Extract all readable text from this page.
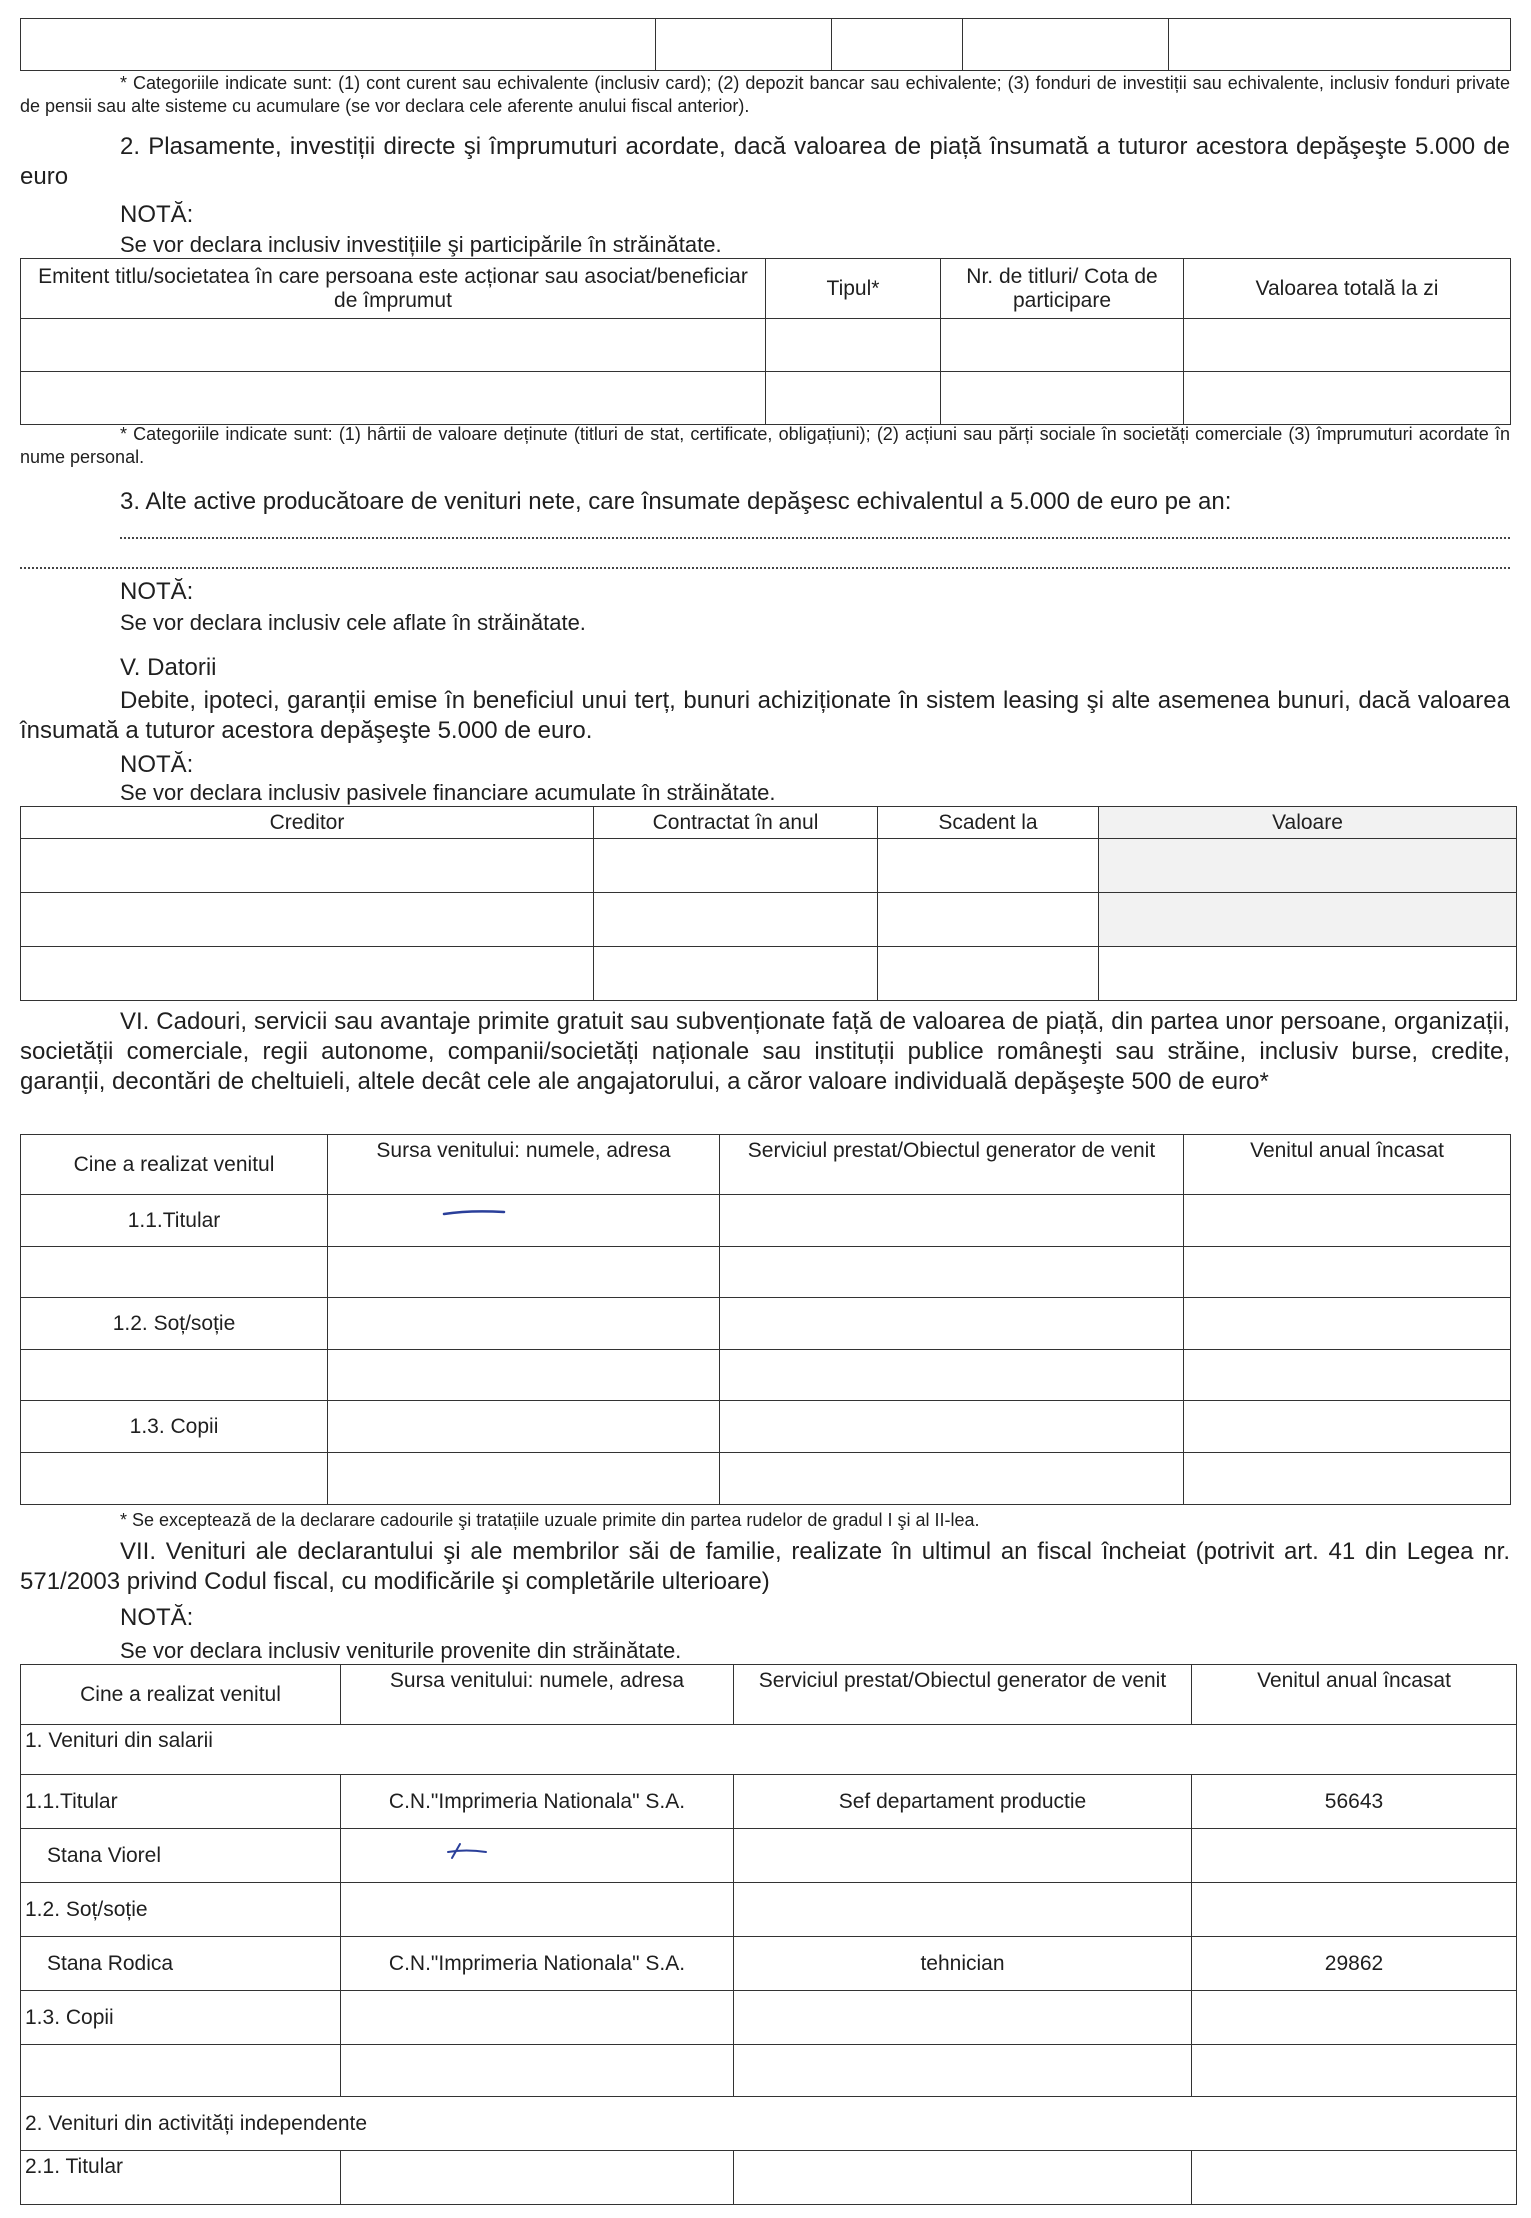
* Categoriile indicate sunt: (1) cont curent sau echivalente (inclusiv card); (2) depozit bancar sau echivalente; (3) fonduri de investiții sau echivalente, inclusiv fonduri private de pensii sau alte sisteme cu acumulare (se vor declara cele aferente anului fiscal anterior).
2. Plasamente, investiții directe şi împrumuturi acordate, dacă valoarea de piață însumată a tuturor acestora depăşeşte 5.000 de euro
NOTĂ:
Se vor declara inclusiv investițiile şi participările în străinătate.
Emitent titlu/societatea în care persoana este acționar sau asociat/beneficiar de împrumut	Tipul*	Nr. de titluri/ Cota de participare	Valoarea totală la zi

* Categoriile indicate sunt: (1) hârtii de valoare deținute (titluri de stat, certificate, obligațiuni); (2) acțiuni sau părți sociale în societăți comerciale (3) împrumuturi acordate în nume personal.
3. Alte active producătoare de venituri nete, care însumate depăşesc echivalentul a 5.000 de euro pe an:
NOTĂ:
Se vor declara inclusiv cele aflate în străinătate.
V. Datorii
Debite, ipoteci, garanții emise în beneficiul unui terț, bunuri achiziționate în sistem leasing şi alte asemenea bunuri, dacă valoarea însumată a tuturor acestora depăşeşte 5.000 de euro.
NOTĂ:
Se vor declara inclusiv pasivele financiare acumulate în străinătate.
Creditor	Contractat în anul	Scadent la	Valoare

VI. Cadouri, servicii sau avantaje primite gratuit sau subvenționate față de valoarea de piață, din partea unor persoane, organizații, societății comerciale, regii autonome, companii/societăți naționale sau instituții publice româneşti sau străine, inclusiv burse, credite, garanții, decontări de cheltuieli, altele decât cele ale angajatorului, a căror valoare individuală depăşeşte 500 de euro*
Cine a realizat venitul	Sursa venitului: numele, adresa	Serviciul prestat/Obiectul generator de venit	Venitul anual încasat
1.1.Titular			

1.2. Soț/soție			

1.3. Copii			

* Se exceptează de la declarare cadourile şi tratațiile uzuale primite din partea rudelor de gradul I şi al II-lea.
VII. Venituri ale declarantului şi ale membrilor săi de familie, realizate în ultimul an fiscal încheiat (potrivit art. 41 din Legea nr. 571/2003 privind Codul fiscal, cu modificările şi completările ulterioare)
NOTĂ:
Se vor declara inclusiv veniturile provenite din străinătate.
Cine a realizat venitul	Sursa venitului: numele, adresa	Serviciul prestat/Obiectul generator de venit	Venitul anual încasat
1. Venituri din salarii			
1.1.Titular	C.N."Imprimeria Nationala" S.A.	Sef departament productie	56643
Stana Viorel			
1.2. Soț/soție			
Stana Rodica	C.N."Imprimeria Nationala" S.A.	tehnician	29862
1.3. Copii			

2. Venituri din activități independente			
2.1. Titular			
